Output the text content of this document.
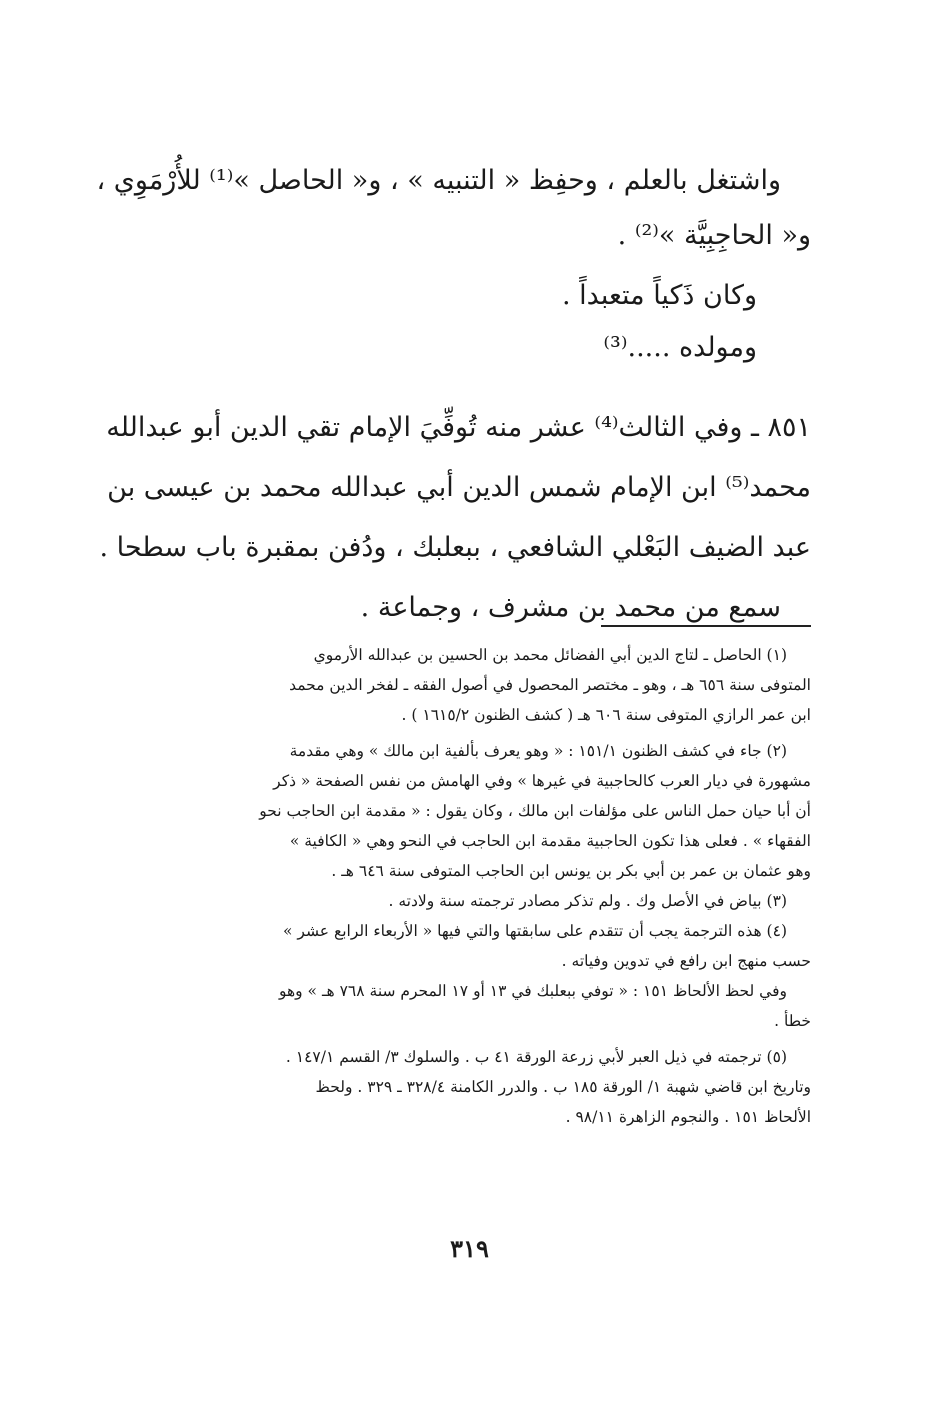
واشتغل بالعلم ، وحفِظ « التنبيه » ، و« الحاصل »⁽¹⁾ للأُرْمَوِي ،
و« الحاجِبِيَّة »⁽²⁾ .
وكان ذَكياً متعبداً .
ومولده .....⁽³⁾
٨٥١ ـ وفي الثالث⁽⁴⁾ عشر منه تُوفِّيَ الإمام تقي الدين أبو عبدالله
محمد⁽⁵⁾ ابن الإمام شمس الدين أبي عبدالله محمد بن عيسى بن
عبد الضيف البَعْلي الشافعي ، ببعلبك ، ودُفن بمقبرة باب سطحا .
سمع من محمد بن مشرف ، وجماعة .
(١) الحاصل ـ لتاج الدين أبي الفضائل محمد بن الحسين بن عبدالله الأرموي
المتوفى سنة ٦٥٦ هـ ، وهو ـ مختصر المحصول في أصول الفقه ـ لفخر الدين محمد
ابن عمر الرازي المتوفى سنة ٦٠٦ هـ ( كشف الظنون ١٦١٥/٢ ) .
(٢) جاء في كشف الظنون ١٥١/١ : « وهو يعرف بألفية ابن مالك » وهي مقدمة
مشهورة في ديار العرب كالحاجبية في غيرها » وفي الهامش من نفس الصفحة « ذكر
أن أبا حيان حمل الناس على مؤلفات ابن مالك ، وكان يقول : « مقدمة ابن الحاجب نحو
الفقهاء » . فعلى هذا تكون الحاجبية مقدمة ابن الحاجب في النحو وهي « الكافية »
وهو عثمان بن عمر بن أبي بكر بن يونس ابن الحاجب المتوفى سنة ٦٤٦ هـ .
(٣) بياض في الأصل وك . ولم تذكر مصادر ترجمته سنة ولادته .
(٤) هذه الترجمة يجب أن تتقدم على سابقتها والتي فيها « الأربعاء الرابع عشر »
حسب منهج ابن رافع في تدوين وفياته .
وفي لحظ الألحاظ ١٥١ : « توفي ببعلبك في ١٣ أو ١٧ المحرم سنة ٧٦٨ هـ » وهو
خطأ .
(٥) ترجمته في ذيل العبر لأبي زرعة الورقة ٤١ ب . والسلوك ٣/ القسم ١٤٧/١ .
وتاريخ ابن قاضي شهبة ١/ الورقة ١٨٥ ب . والدرر الكامنة ٣٢٨/٤ ـ ٣٢٩ . ولحظ
الألحاظ ١٥١ . والنجوم الزاهرة ٩٨/١١ .
٣١٩
